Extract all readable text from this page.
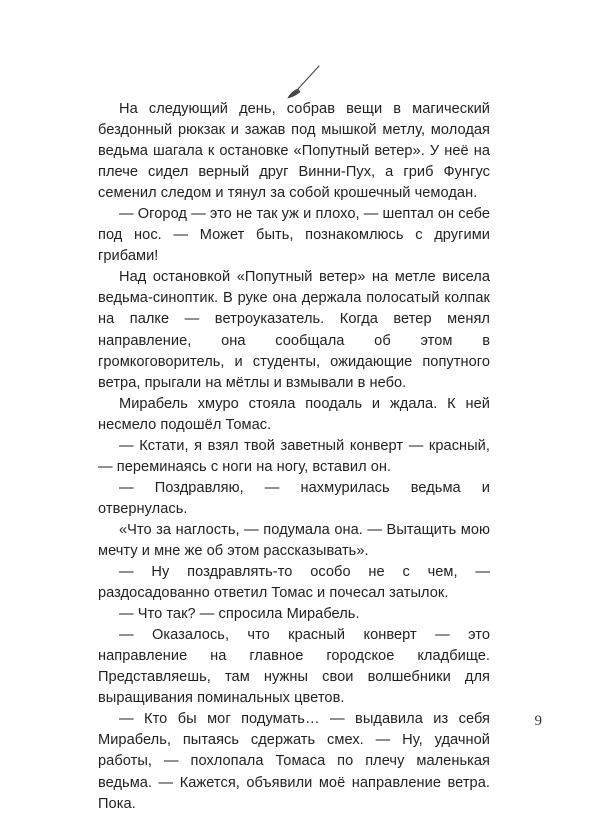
На следующий день, собрав вещи в магический бездонный рюкзак и зажав под мышкой метлу, молодая ведьма шагала к остановке «Попутный ветер». У неё на плече сидел верный друг Винни-Пух, а гриб Фунгус семенил следом и тянул за собой крошечный чемодан.

— Огород — это не так уж и плохо, — шептал он себе под нос. — Может быть, познакомлюсь с другими грибами!

Над остановкой «Попутный ветер» на метле висела ведьма-синоптик. В руке она держала полосатый колпак на палке — ветроуказатель. Когда ветер менял направление, она сообщала об этом в громкоговоритель, и студенты, ожидающие попутного ветра, прыгали на мётлы и взмывали в небо.

Мирабель хмуро стояла поодаль и ждала. К ней несмело подошёл Томас.

— Кстати, я взял твой заветный конверт — красный, — переминаясь с ноги на ногу, вставил он.

— Поздравляю, — нахмурилась ведьма и отвернулась.

«Что за наглость, — подумала она. — Вытащить мою мечту и мне же об этом рассказывать».

— Ну поздравлять-то особо не с чем, — раздосадованно ответил Томас и почесал затылок.

— Что так? — спросила Мирабель.

— Оказалось, что красный конверт — это направление на главное городское кладбище. Представляешь, там нужны свои волшебники для выращивания поминальных цветов.

— Кто бы мог подумать… — выдавила из себя Мирабель, пытаясь сдержать смех. — Ну, удачной работы, — похлопала Томаса по плечу маленькая ведьма. — Кажется, объявили моё направление ветра. Пока.

9
